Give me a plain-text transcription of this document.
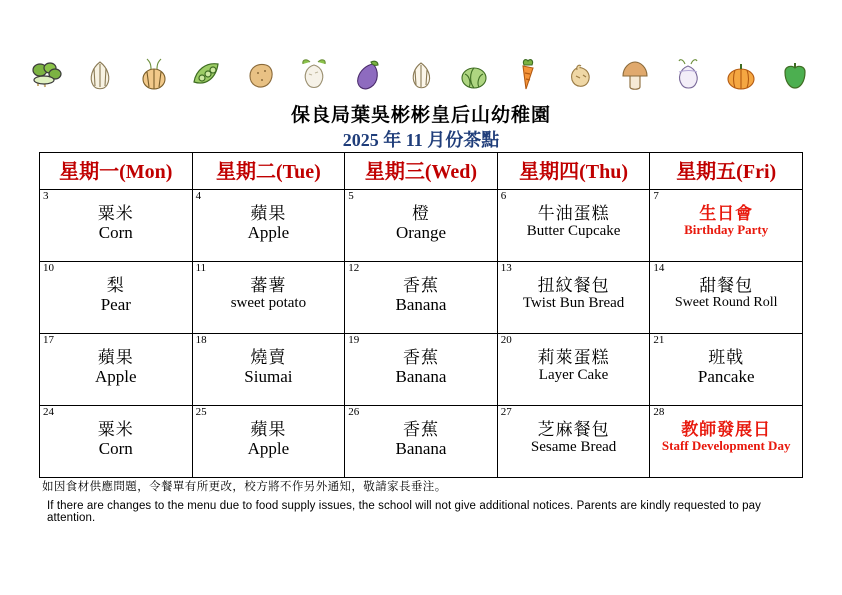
保良局葉吳彬彬皇后山幼稚園
2025 年 11 月份茶點
星期一(Mon)	星期二(Tue)	星期三(Wed)	星期四(Thu)	星期五(Fri)

3
粟米
Corn	4
蘋果
Apple	5
橙
Orange	6
牛油蛋糕
Butter Cupcake	7
生日會
Birthday Party

10
梨
Pear	11
蕃薯
sweet potato	12
香蕉
Banana	13
扭紋餐包
Twist Bun Bread	14
甜餐包
Sweet Round Roll

17
蘋果
Apple	18
燒賣
Siumai	19
香蕉
Banana	20
莉萊蛋糕
Layer Cake	21
班戟
Pancake

24
粟米
Corn	25
蘋果
Apple	26
香蕉
Banana	27
芝麻餐包
Sesame Bread	28
教師發展日
Staff Development Day
如因食材供應問題，令餐單有所更改，校方將不作另外通知，敬請家長垂注。
If there are changes to the menu due to food supply issues, the school will not give additional notices. Parents are kindly requested to pay attention.
